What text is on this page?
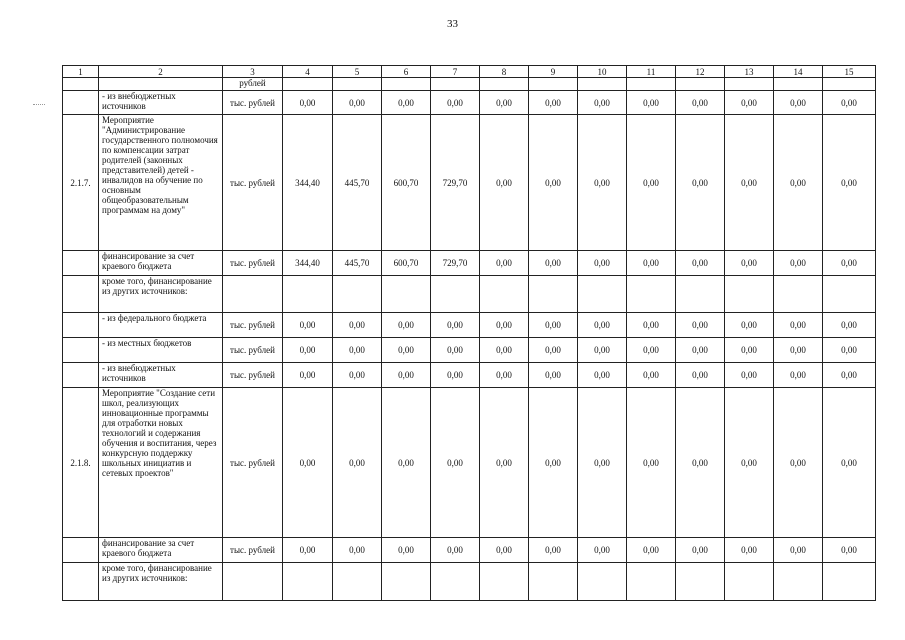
33
1	2	3	4	5	6	7	8	9	10	11	12	13	14	15
		рублей												
	- из внебюджетных источников	тыс. рублей	0,00	0,00	0,00	0,00	0,00	0,00	0,00	0,00	0,00	0,00	0,00	0,00
2.1.7.	Мероприятие "Администрирование государственного полномочия по компенсации затрат родителей (законных представителей) детей - инвалидов на обучение по основным общеобразовательным программам на дому"	тыс. рублей	344,40	445,70	600,70	729,70	0,00	0,00	0,00	0,00	0,00	0,00	0,00	0,00
	финансирование за счет краевого бюджета	тыс. рублей	344,40	445,70	600,70	729,70	0,00	0,00	0,00	0,00	0,00	0,00	0,00	0,00
	кроме того, финансирование из других источников:													
	- из федерального бюджета	тыс. рублей	0,00	0,00	0,00	0,00	0,00	0,00	0,00	0,00	0,00	0,00	0,00	0,00
	- из местных бюджетов	тыс. рублей	0,00	0,00	0,00	0,00	0,00	0,00	0,00	0,00	0,00	0,00	0,00	0,00
	- из внебюджетных источников	тыс. рублей	0,00	0,00	0,00	0,00	0,00	0,00	0,00	0,00	0,00	0,00	0,00	0,00
2.1.8.	Мероприятие "Создание сети школ, реализующих инновационные программы для отработки новых технологий и содержания обучения и воспитания, через конкурсную поддержку школьных инициатив и сетевых проектов"	тыс. рублей	0,00	0,00	0,00	0,00	0,00	0,00	0,00	0,00	0,00	0,00	0,00	0,00
	финансирование за счет краевого бюджета	тыс. рублей	0,00	0,00	0,00	0,00	0,00	0,00	0,00	0,00	0,00	0,00	0,00	0,00
	кроме того, финансирование из других источников:													
